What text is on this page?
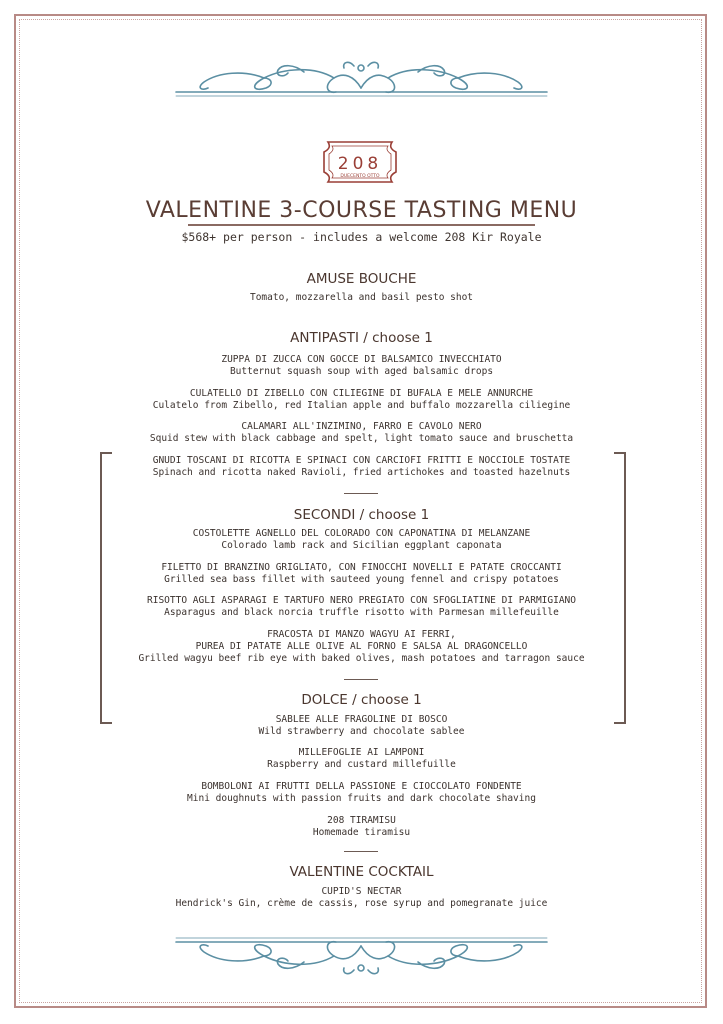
208
DUECENTO OTTO
VALENTINE 3-COURSE TASTING MENU
$568+ per person - includes a welcome 208 Kir Royale
AMUSE BOUCHE
Tomato, mozzarella and basil pesto shot
ANTIPASTI / choose 1
ZUPPA DI ZUCCA CON GOCCE DI BALSAMICO INVECCHIATO
Butternut squash soup with aged balsamic drops
CULATELLO DI ZIBELLO CON CILIEGINE DI BUFALA E MELE ANNURCHE
Culatelo from Zibello, red Italian apple and buffalo mozzarella ciliegine
CALAMARI ALL'INZIMINO, FARRO E CAVOLO NERO
Squid stew with black cabbage and spelt, light tomato sauce and bruschetta
GNUDI TOSCANI DI RICOTTA E SPINACI CON CARCIOFI FRITTI E NOCCIOLE TOSTATE
Spinach and ricotta naked Ravioli, fried artichokes and toasted hazelnuts
SECONDI / choose 1
COSTOLETTE AGNELLO DEL COLORADO CON CAPONATINA DI MELANZANE
Colorado lamb rack and Sicilian eggplant caponata
FILETTO DI BRANZINO GRIGLIATO, CON FINOCCHI NOVELLI E PATATE CROCCANTI
Grilled sea bass fillet with sauteed young fennel and crispy potatoes
RISOTTO AGLI ASPARAGI E TARTUFO NERO PREGIATO CON SFOGLIATINE DI PARMIGIANO
Asparagus and black norcia truffle risotto with Parmesan millefeuille
FRACOSTA DI MANZO WAGYU AI FERRI,
PUREA DI PATATE ALLE OLIVE AL FORNO E SALSA AL DRAGONCELLO
Grilled wagyu beef rib eye with baked olives, mash potatoes and tarragon sauce
DOLCE / choose 1
SABLEE ALLE FRAGOLINE DI BOSCO
Wild strawberry and chocolate sablee
MILLEFOGLIE AI LAMPONI
Raspberry and custard millefuille
BOMBOLONI AI FRUTTI DELLA PASSIONE E CIOCCOLATO FONDENTE
Mini doughnuts with passion fruits and dark chocolate shaving
208 TIRAMISU
Homemade tiramisu
VALENTINE COCKTAIL
CUPID'S NECTAR
Hendrick's Gin, crème de cassis, rose syrup and pomegranate juice
